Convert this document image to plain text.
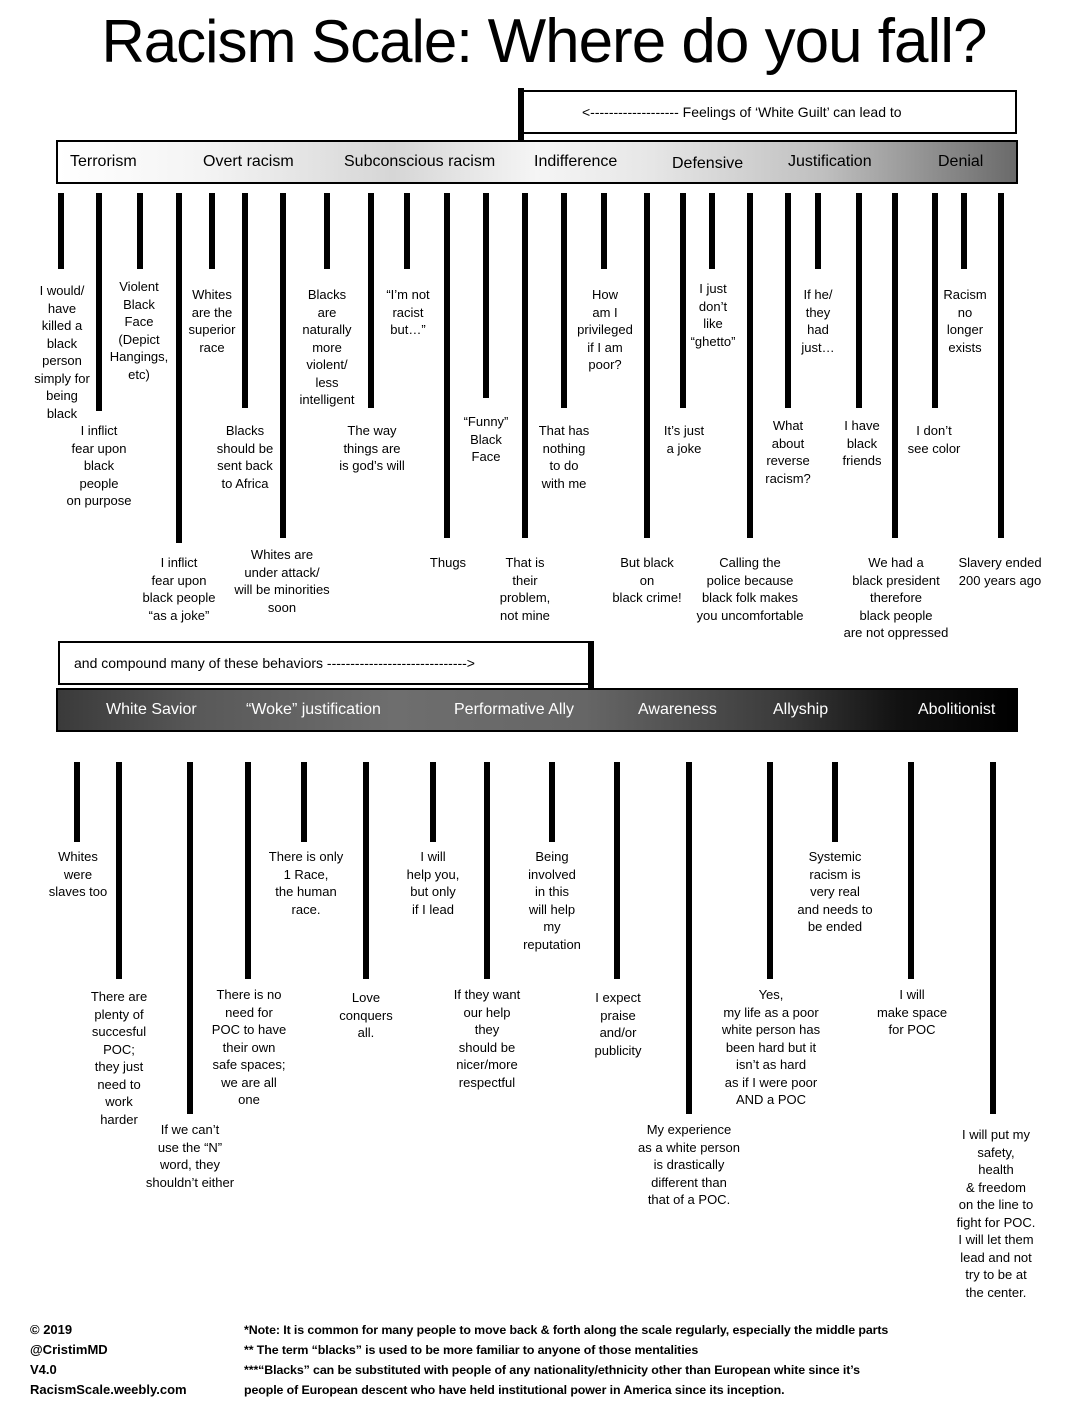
Racism Scale: Where do you fall?
<------------------- Feelings of ‘White Guilt’ can lead to
Terrorism	Overt racism	Subconscious racism Indifference	Defensive	Justification	Denial
I would/
have
killed a
black
person
simply for
being
black
I inflict
fear upon
black
people
on purpose
Violent
Black
Face
(Depict
Hangings,
etc)
I inflict
fear upon
black people
“as a joke”
Whites
are the
superior
race
Blacks
should be
sent back
to Africa
Whites are
under attack/
will be minorities
soon
Blacks
are
naturally
more
violent/
less
intelligent
The way
things are
is god’s will
“I’m not
racist
but…”
Thugs
“Funny”
Black
Face
That is
their
problem,
not mine
That has
nothing
to do
with me
How
am I
privileged
if I am
poor?
But black
on
black crime!
It’s just
a joke
I just
don’t
like
“ghetto”
Calling the
police because
black folk makes
you uncomfortable
What
about
reverse
racism?
If he/
they
had
just…
I have
black
friends
We had a
black president
therefore
black people
are not oppressed
I don’t
see color
Racism
no
longer
exists
Slavery ended
200 years ago
and compound many of these behaviors ------------------------------>
White Savior	“Woke” justification	Performative Ally	Awareness	Allyship	Abolitionist
Whites
were
slaves too
There are
plenty of
succesful
POC;
they just
need to
work
harder
If we can’t
use the “N”
word, they
shouldn’t either
There is no
need for
POC to have
their own
safe spaces;
we are all
one
There is only
1 Race,
the human
race.
Love
conquers
all.
I will
help you,
but only
if I lead
If they want
our help
they
should be
nicer/more
respectful
Being
involved
in this
will help
my
reputation
I expect
praise
and/or
publicity
My experience
as a white person
is drastically
different than
that of a POC.
Yes,
my life as a poor
white person has
been hard but it
isn’t as hard
as if I were poor
AND a POC
Systemic
racism is
very real
and needs to
be ended
I will
make space
for POC
I will put my
safety,
health
& freedom
on the line to
fight for POC.
I will let them
lead and not
try to be at
the center.
© 2019
@CristimMD
V4.0
RacismScale.weebly.com
*Note: It is common for many people to move back & forth along the scale regularly, especially the middle parts
** The term “blacks” is used to be more familiar to anyone of those mentalities
***“Blacks” can be substituted with people of any nationality/ethnicity other than European white since it’s
people of European descent who have held institutional power in America since its inception.
